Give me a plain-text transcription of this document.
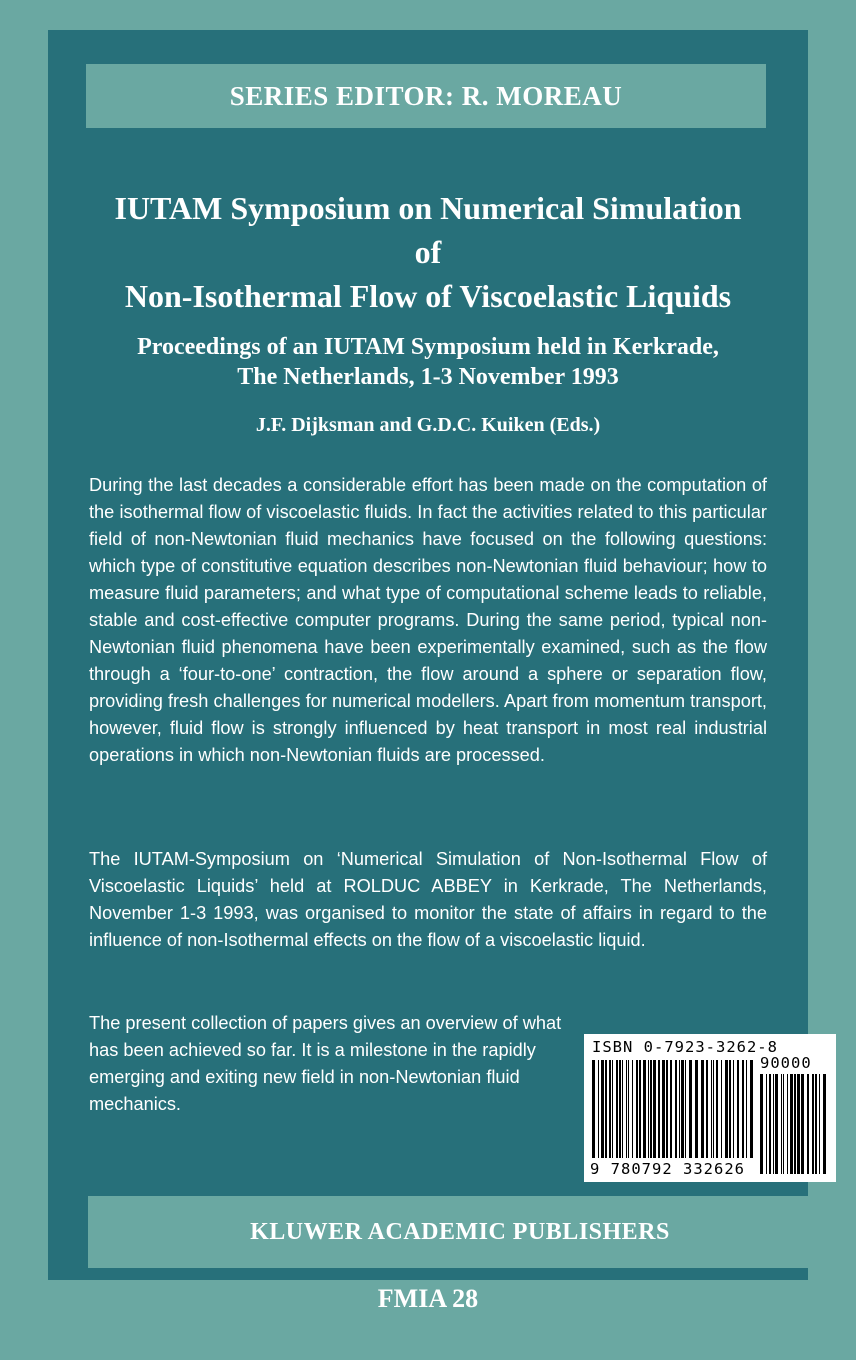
SERIES EDITOR: R. MOREAU
IUTAM Symposium on Numerical Simulation
of
Non-Isothermal Flow of Viscoelastic Liquids
Proceedings of an IUTAM Symposium held in Kerkrade,
The Netherlands, 1-3 November 1993
J.F. Dijksman and G.D.C. Kuiken (Eds.)

During the last decades a considerable effort has been made on the computation of the isothermal flow of viscoelastic fluids. In fact the activities related to this particular field of non-Newtonian fluid mechanics have focused on the following questions: which type of constitutive equation describes non-Newtonian fluid behaviour; how to measure fluid parameters; and what type of computational scheme leads to reliable, stable and cost-effective computer programs. During the same period, typical non-Newtonian fluid phenomena have been experimentally examined, such as the flow through a ‘four-to-one’ contraction, the flow around a sphere or separation flow, providing fresh challenges for numerical modellers. Apart from momentum transport, however, fluid flow is strongly influenced by heat transport in most real industrial operations in which non-Newtonian fluids are processed.

The IUTAM-Symposium on ‘Numerical Simulation of Non-Isothermal Flow of Viscoelastic Liquids’ held at ROLDUC ABBEY in Kerkrade, The Netherlands, November 1-3 1993, was organised to monitor the state of affairs in regard to the influence of non-Isothermal effects on the flow of a viscoelastic liquid.

The present collection of papers gives an overview of what has been achieved so far. It is a milestone in the rapidly emerging and exiting new field in non-Newtonian fluid mechanics.

ISBN 0-7923-3262-8
90000
9 780792 332626
KLUWER ACADEMIC PUBLISHERS
FMIA 28
